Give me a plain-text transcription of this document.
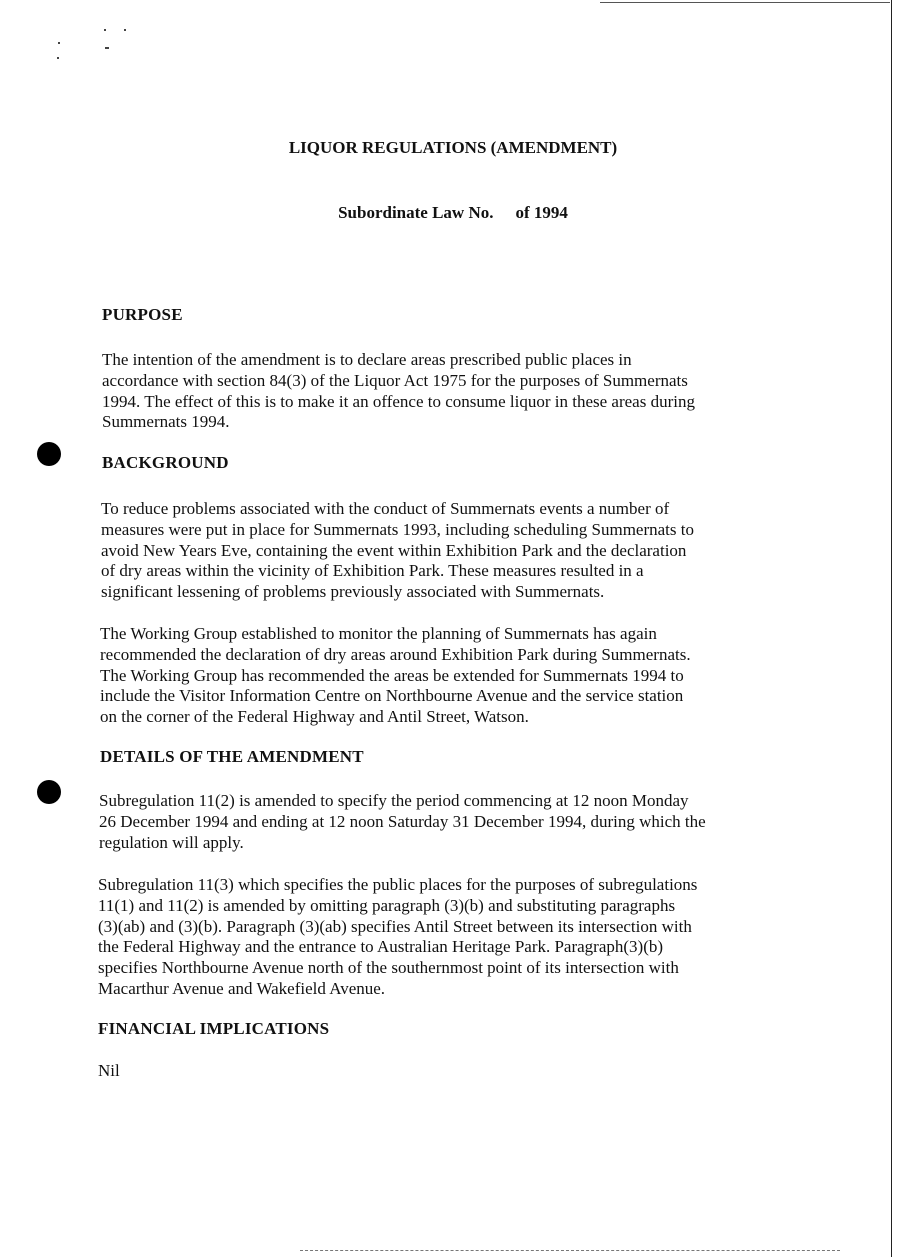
LIQUOR REGULATIONS (AMENDMENT)
Subordinate Law No. of 1994
PURPOSE
The intention of the amendment is to declare areas prescribed public places in
accordance with section 84(3) of the Liquor Act 1975 for the purposes of Summernats
1994. The effect of this is to make it an offence to consume liquor in these areas during
Summernats 1994.
BACKGROUND
To reduce problems associated with the conduct of Summernats events a number of
measures were put in place for Summernats 1993, including scheduling Summernats to
avoid New Years Eve, containing the event within Exhibition Park and the declaration
of dry areas within the vicinity of Exhibition Park. These measures resulted in a
significant lessening of problems previously associated with Summernats.
The Working Group established to monitor the planning of Summernats has again
recommended the declaration of dry areas around Exhibition Park during Summernats.
The Working Group has recommended the areas be extended for Summernats 1994 to
include the Visitor Information Centre on Northbourne Avenue and the service station
on the corner of the Federal Highway and Antil Street, Watson.
DETAILS OF THE AMENDMENT
Subregulation 11(2) is amended to specify the period commencing at 12 noon Monday
26 December 1994 and ending at 12 noon Saturday 31 December 1994, during which the
regulation will apply.
Subregulation 11(3) which specifies the public places for the purposes of subregulations
11(1) and 11(2) is amended by omitting paragraph (3)(b) and substituting paragraphs
(3)(ab) and (3)(b). Paragraph (3)(ab) specifies Antil Street between its intersection with
the Federal Highway and the entrance to Australian Heritage Park. Paragraph(3)(b)
specifies Northbourne Avenue north of the southernmost point of its intersection with
Macarthur Avenue and Wakefield Avenue.
FINANCIAL IMPLICATIONS
Nil
